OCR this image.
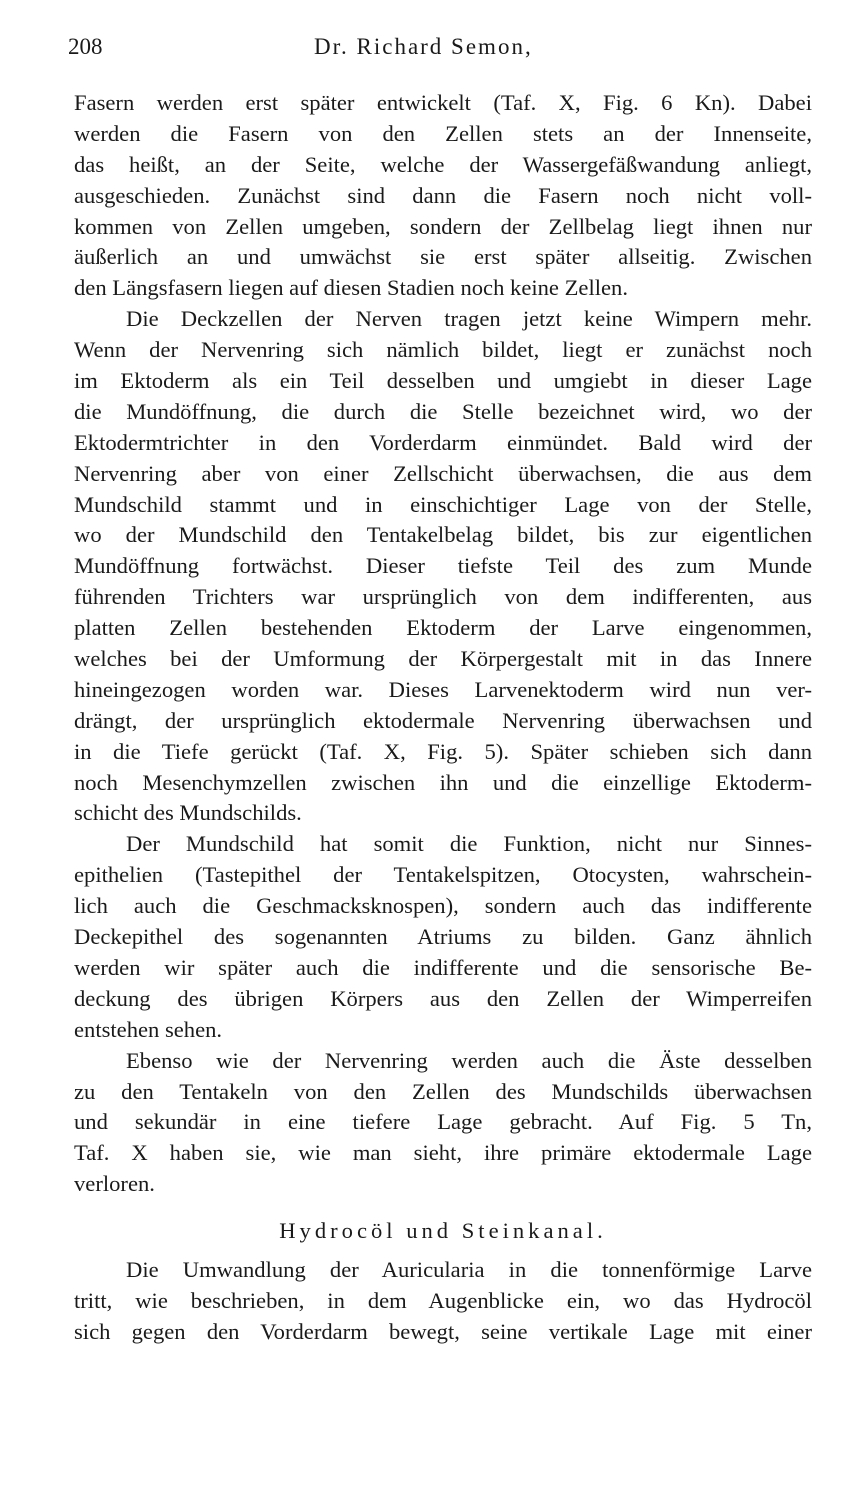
208	Dr. Richard Semon,
Fasern werden erst später entwickelt (Taf. X, Fig. 6 Kn). Dabei
werden die Fasern von den Zellen stets an der Innenseite,
das heißt, an der Seite, welche der Wassergefäßwandung anliegt,
ausgeschieden. Zunächst sind dann die Fasern noch nicht voll-
kommen von Zellen umgeben, sondern der Zellbelag liegt ihnen nur
äußerlich an und umwächst sie erst später allseitig. Zwischen
den Längsfasern liegen auf diesen Stadien noch keine Zellen.
Die Deckzellen der Nerven tragen jetzt keine Wimpern mehr.
Wenn der Nervenring sich nämlich bildet, liegt er zunächst noch
im Ektoderm als ein Teil desselben und umgiebt in dieser Lage
die Mundöffnung, die durch die Stelle bezeichnet wird, wo der
Ektodermtrichter in den Vorderdarm einmündet. Bald wird der
Nervenring aber von einer Zellschicht überwachsen, die aus dem
Mundschild stammt und in einschichtiger Lage von der Stelle,
wo der Mundschild den Tentakelbelag bildet, bis zur eigentlichen
Mundöffnung fortwächst. Dieser tiefste Teil des zum Munde
führenden Trichters war ursprünglich von dem indifferenten, aus
platten Zellen bestehenden Ektoderm der Larve eingenommen,
welches bei der Umformung der Körpergestalt mit in das Innere
hineingezogen worden war. Dieses Larvenektoderm wird nun ver-
drängt, der ursprünglich ektodermale Nervenring überwachsen und
in die Tiefe gerückt (Taf. X, Fig. 5). Später schieben sich dann
noch Mesenchymzellen zwischen ihn und die einzellige Ektoderm-
schicht des Mundschilds.
Der Mundschild hat somit die Funktion, nicht nur Sinnes-
epithelien (Tastepithel der Tentakelspitzen, Otocysten, wahrschein-
lich auch die Geschmacksknospen), sondern auch das indifferente
Deckepithel des sogenannten Atriums zu bilden. Ganz ähnlich
werden wir später auch die indifferente und die sensorische Be-
deckung des übrigen Körpers aus den Zellen der Wimperreifen
entstehen sehen.
Ebenso wie der Nervenring werden auch die Äste desselben
zu den Tentakeln von den Zellen des Mundschilds überwachsen
und sekundär in eine tiefere Lage gebracht. Auf Fig. 5 Tn,
Taf. X haben sie, wie man sieht, ihre primäre ektodermale Lage
verloren.
Hydrocöl und Steinkanal.
Die Umwandlung der Auricularia in die tonnenförmige Larve
tritt, wie beschrieben, in dem Augenblicke ein, wo das Hydrocöl
sich gegen den Vorderdarm bewegt, seine vertikale Lage mit einer
